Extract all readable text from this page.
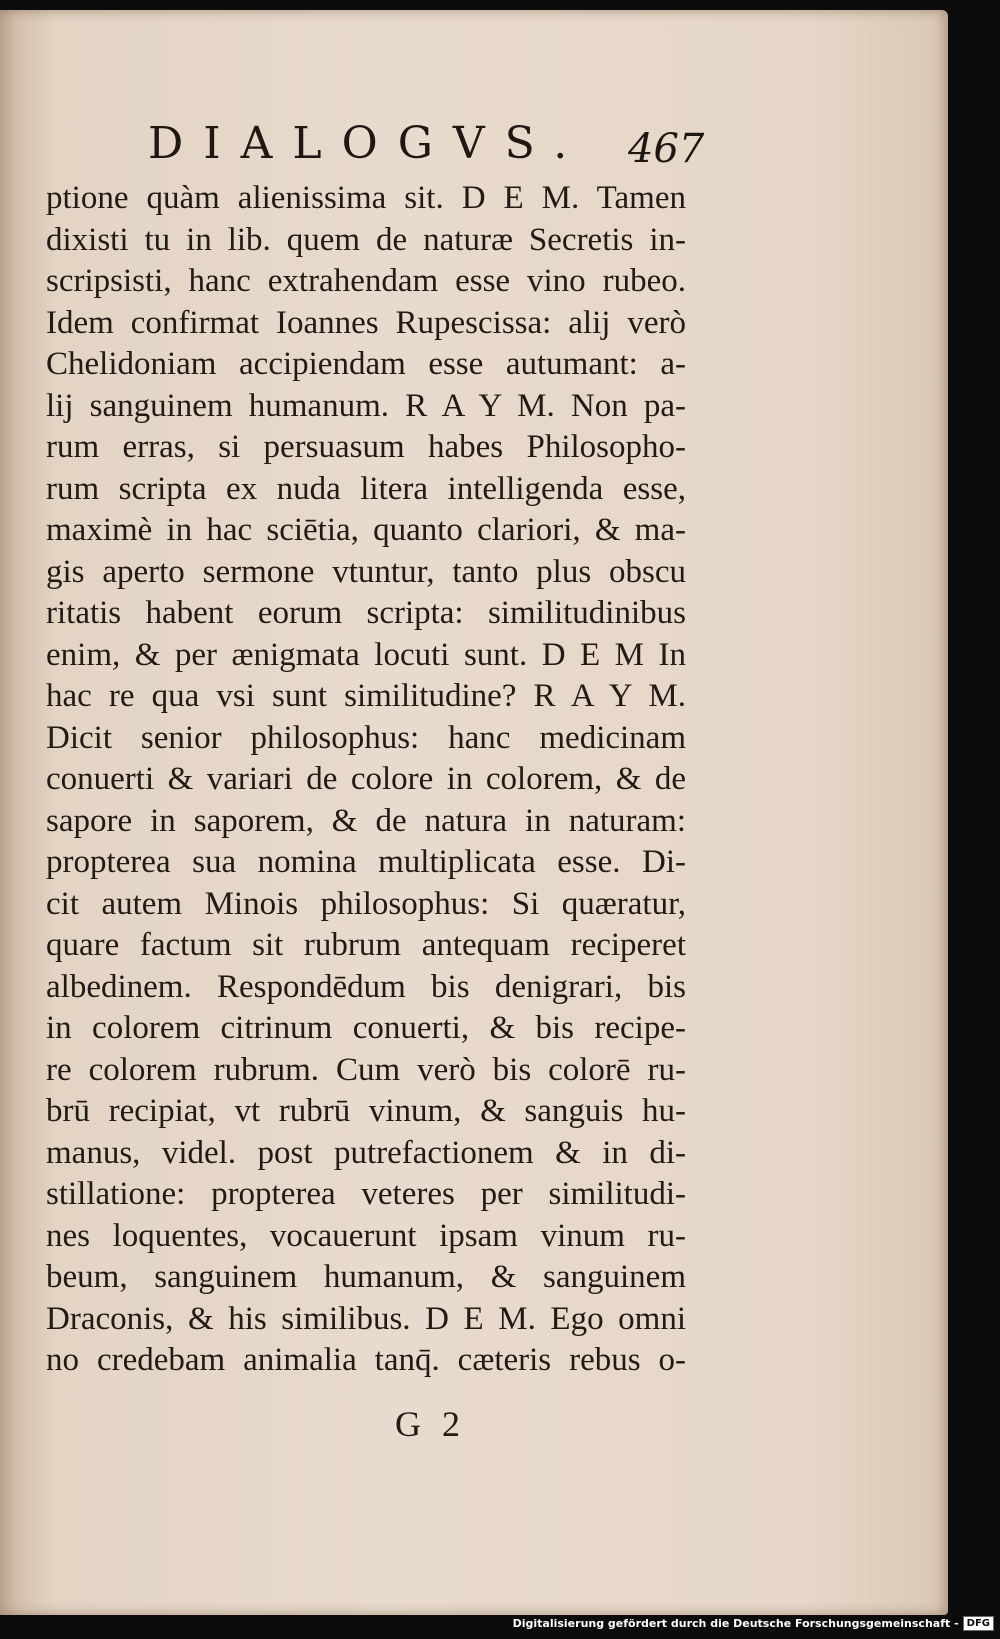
DIALOGVS. 467
ptione quàm alienissima sit. D E M. Tamen
dixisti tu in lib. quem de naturæ Secretis in-
scripsisti, hanc extrahendam esse vino rubeo.
Idem confirmat Ioannes Rupescissa: alij verò
Chelidoniam accipiendam esse autumant: a-
lij sanguinem humanum. R A Y M. Non pa-
rum erras, si persuasum habes Philosopho-
rum scripta ex nuda litera intelligenda esse,
maximè in hac sciētia, quanto clariori, & ma-
gis aperto sermone vtuntur, tanto plus obscu
ritatis habent eorum scripta: similitudinibus
enim, & per ænigmata locuti sunt. D E M In
hac re qua vsi sunt similitudine? R A Y M.
Dicit senior philosophus: hanc medicinam
conuerti & variari de colore in colorem, & de
sapore in saporem, & de natura in naturam:
propterea sua nomina multiplicata esse. Di-
cit autem Minois philosophus: Si quæratur,
quare factum sit rubrum antequam reciperet
albedinem. Respondēdum bis denigrari, bis
in colorem citrinum conuerti, & bis recipe-
re colorem rubrum. Cum verò bis colorē ru-
brū recipiat, vt rubrū vinum, & sanguis hu-
manus, videl. post putrefactionem & in di-
stillatione: propterea veteres per similitudi-
nes loquentes, vocauerunt ipsam vinum ru-
beum, sanguinem humanum, & sanguinem
Draconis, & his similibus. D E M. Ego omni
no credebam animalia tanq̄. cæteris rebus o-
G 2
Digitalisierung gefördert durch die Deutsche Forschungsgemeinschaft - DFG
